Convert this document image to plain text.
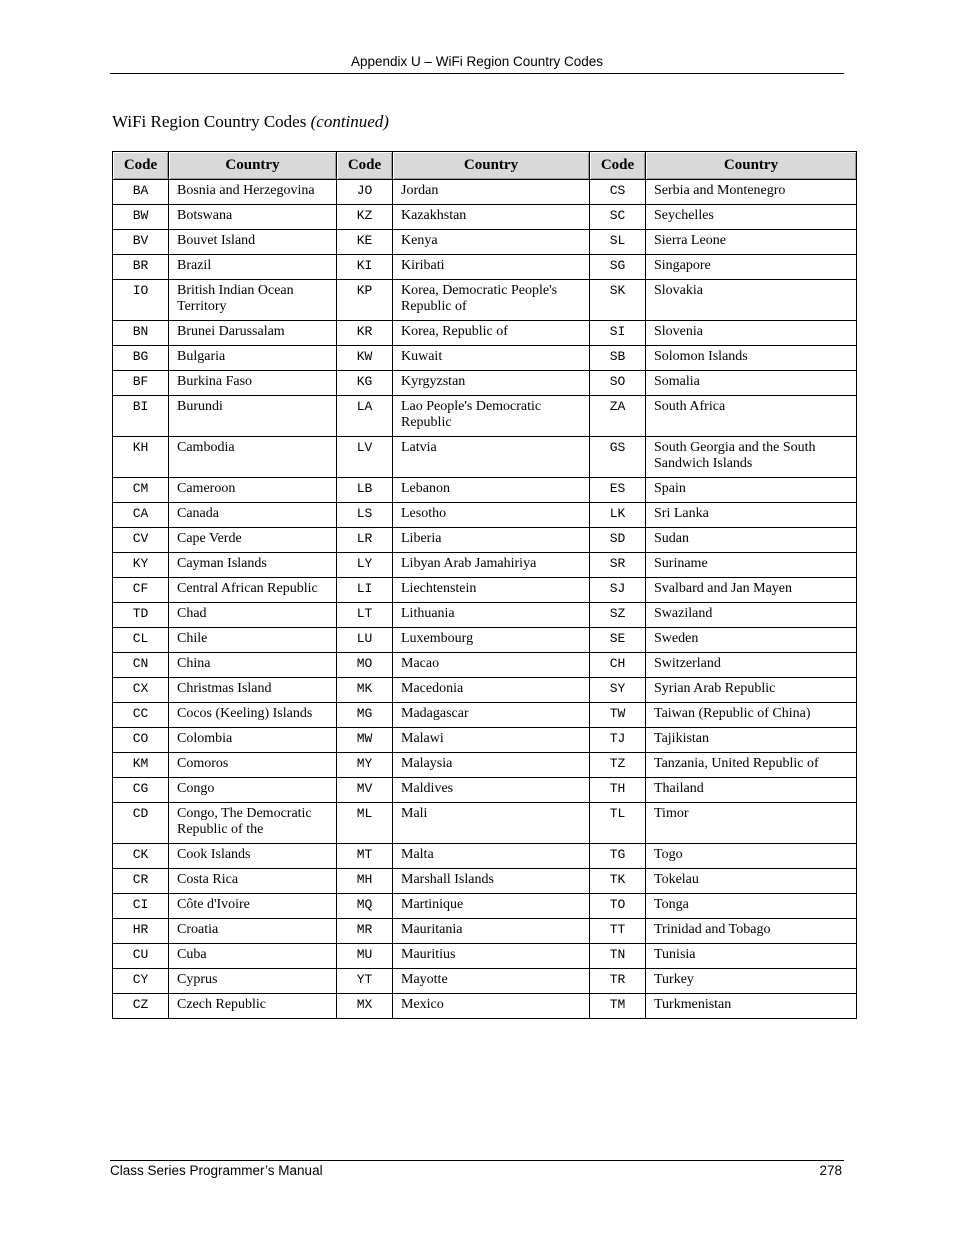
Appendix U – WiFi Region Country Codes
WiFi Region Country Codes (continued)
Code	Country	Code	Country	Code	Country
BA	Bosnia and Herzegovina	JO	Jordan	CS	Serbia and Montenegro
BW	Botswana	KZ	Kazakhstan	SC	Seychelles
BV	Bouvet Island	KE	Kenya	SL	Sierra Leone
BR	Brazil	KI	Kiribati	SG	Singapore
IO	British Indian Ocean Territory	KP	Korea, Democratic People's Republic of	SK	Slovakia
BN	Brunei Darussalam	KR	Korea, Republic of	SI	Slovenia
BG	Bulgaria	KW	Kuwait	SB	Solomon Islands
BF	Burkina Faso	KG	Kyrgyzstan	SO	Somalia
BI	Burundi	LA	Lao People's Democratic Republic	ZA	South Africa
KH	Cambodia	LV	Latvia	GS	South Georgia and the South Sandwich Islands
CM	Cameroon	LB	Lebanon	ES	Spain
CA	Canada	LS	Lesotho	LK	Sri Lanka
CV	Cape Verde	LR	Liberia	SD	Sudan
KY	Cayman Islands	LY	Libyan Arab Jamahiriya	SR	Suriname
CF	Central African Republic	LI	Liechtenstein	SJ	Svalbard and Jan Mayen
TD	Chad	LT	Lithuania	SZ	Swaziland
CL	Chile	LU	Luxembourg	SE	Sweden
CN	China	MO	Macao	CH	Switzerland
CX	Christmas Island	MK	Macedonia	SY	Syrian Arab Republic
CC	Cocos (Keeling) Islands	MG	Madagascar	TW	Taiwan (Republic of China)
CO	Colombia	MW	Malawi	TJ	Tajikistan
KM	Comoros	MY	Malaysia	TZ	Tanzania, United Republic of
CG	Congo	MV	Maldives	TH	Thailand
CD	Congo, The Democratic Republic of the	ML	Mali	TL	Timor
CK	Cook Islands	MT	Malta	TG	Togo
CR	Costa Rica	MH	Marshall Islands	TK	Tokelau
CI	Côte d'Ivoire	MQ	Martinique	TO	Tonga
HR	Croatia	MR	Mauritania	TT	Trinidad and Tobago
CU	Cuba	MU	Mauritius	TN	Tunisia
CY	Cyprus	YT	Mayotte	TR	Turkey
CZ	Czech Republic	MX	Mexico	TM	Turkmenistan
Class Series Programmer’s Manual	278
